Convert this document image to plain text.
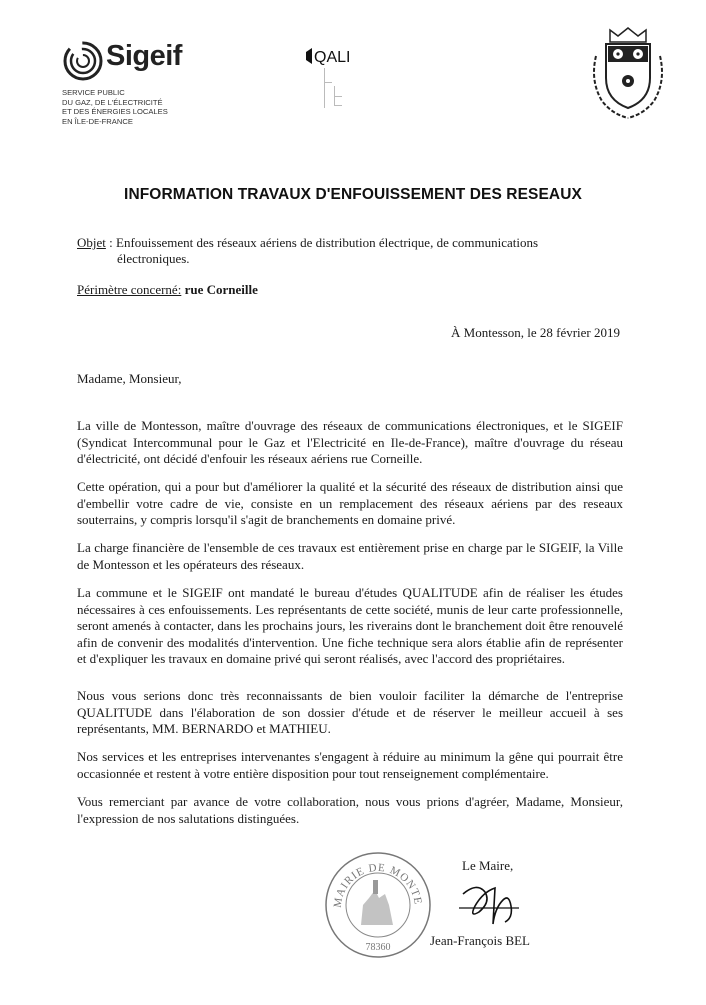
Sigeif
SERVICE PUBLIC
DU GAZ, DE L'ÉLECTRICITÉ
ET DES ÉNERGIES LOCALES
EN ÎLE-DE-FRANCE
QALI
INFORMATION TRAVAUX D'ENFOUISSEMENT DES RESEAUX
Objet : Enfouissement des réseaux aériens de distribution électrique, de communications
électroniques.
Périmètre concerné: rue Corneille
À Montesson, le 28 février 2019
Madame, Monsieur,
La ville de Montesson, maître d'ouvrage des réseaux de communications électroniques, et le SIGEIF (Syndicat Intercommunal pour le Gaz et l'Electricité en Ile-de-France), maître d'ouvrage du réseau d'électricité, ont décidé d'enfouir les réseaux aériens rue Corneille.
Cette opération, qui a pour but d'améliorer la qualité et la sécurité des réseaux de distribution ainsi que d'embellir votre cadre de vie, consiste en un remplacement des réseaux aériens par des reseaux souterrains, y compris lorsqu'il s'agit de branchements en domaine privé.
La charge financière de l'ensemble de ces travaux est entièrement prise en charge par le SIGEIF, la Ville de Montesson et les opérateurs des réseaux.
La commune et le SIGEIF ont mandaté le bureau d'études QUALITUDE afin de réaliser les études nécessaires à ces enfouissements. Les représentants de cette société, munis de leur carte professionnelle, seront amenés à contacter, dans les prochains jours, les riverains dont le branchement doit être renouvelé afin de convenir des modalités d'intervention. Une fiche technique sera alors établie afin de représenter et d'expliquer les travaux en domaine privé qui seront réalisés, avec l'accord des propriétaires.
Nous vous serions donc très reconnaissants de bien vouloir faciliter la démarche de l'entreprise QUALITUDE dans l'élaboration de son dossier d'étude et de réserver le meilleur accueil à ses représentants, MM. BERNARDO et MATHIEU.
Nos services et les entreprises intervenantes s'engagent à réduire au minimum la gêne qui pourrait être occasionnée et restent à votre entière disposition pour tout renseignement complémentaire.
Vous remerciant par avance de votre collaboration, nous vous prions d'agréer, Madame, Monsieur, l'expression de nos salutations distinguées.
MAIRIE DE MONTE
78360
Le Maire,
Jean-François BEL
